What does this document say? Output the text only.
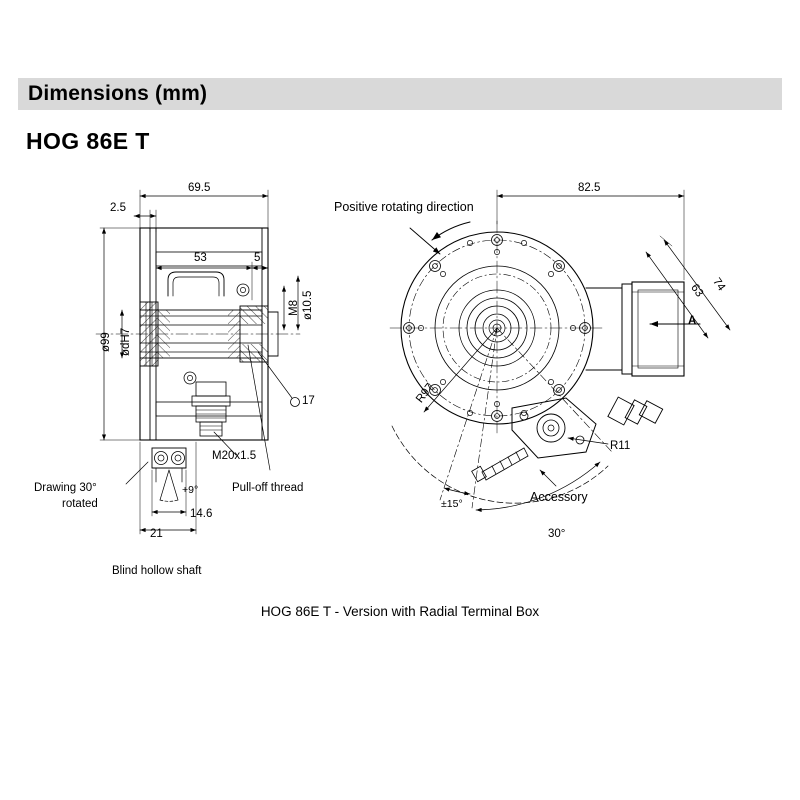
Dimensions (mm)
HOG 86E T
69.5
2.5
53	5
ø10.5
M8
ø99 ødH7
17
M20x1.5
+9°
14.6
21
Drawing 30°
rotated
Pull-off thread
Blind hollow shaft
82.5
74
63
R97
R11
±15°
30°
A
Positive rotating direction
Accessory
HOG 86E T - Version with Radial Terminal Box
